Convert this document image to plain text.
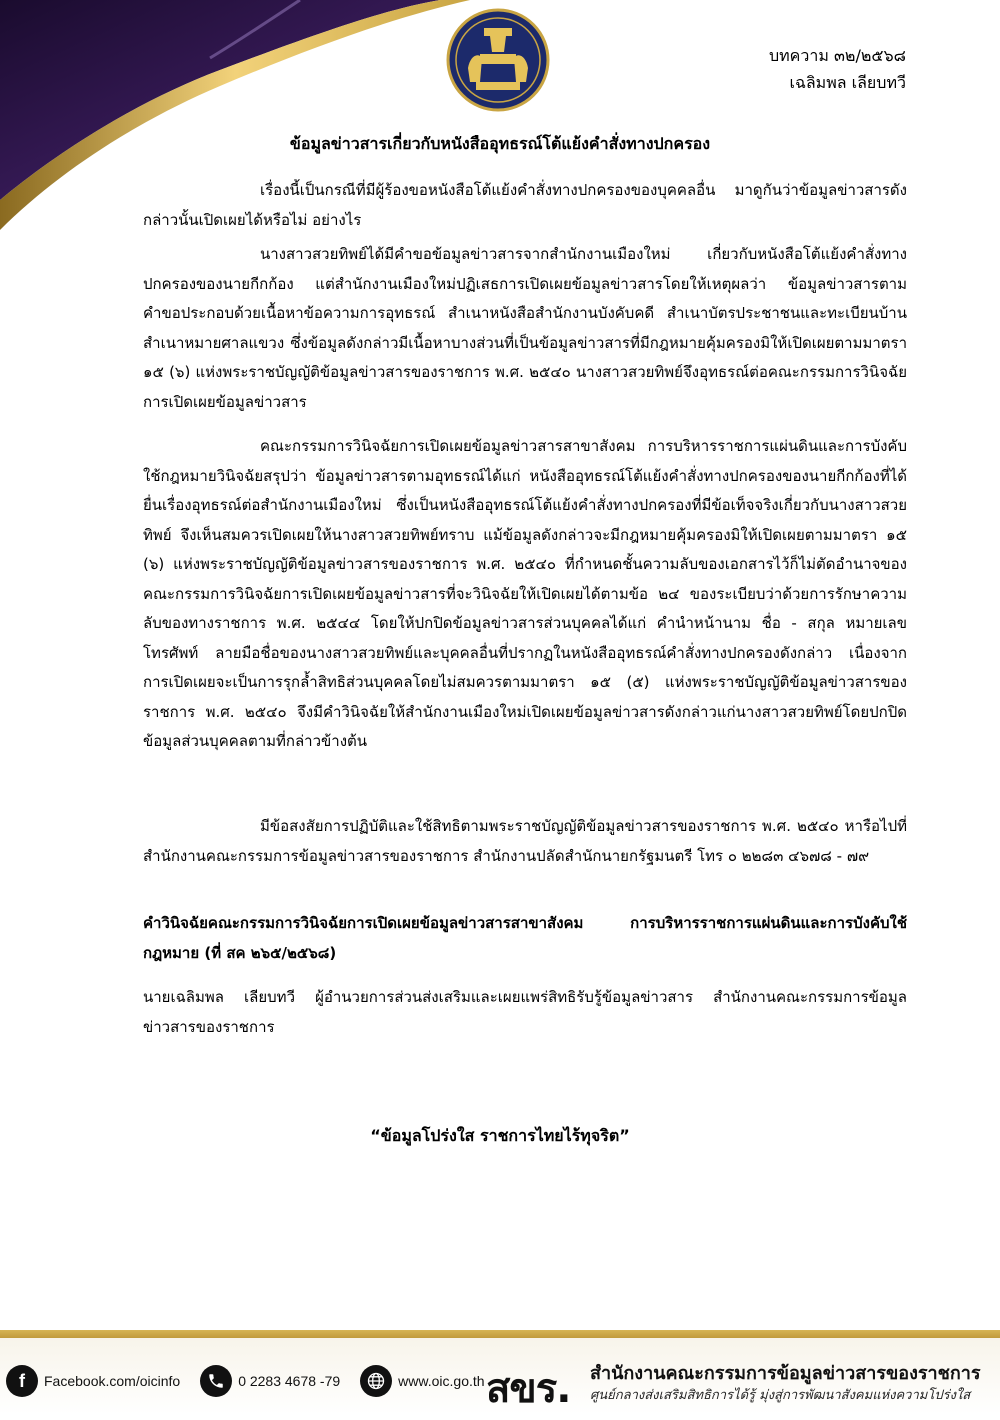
บทความ ๓๒/๒๕๖๘
เฉลิมพล เลียบทวี
ข้อมูลข่าวสารเกี่ยวกับหนังสืออุทธรณ์โต้แย้งคำสั่งทางปกครอง
เรื่องนี้เป็นกรณีที่มีผู้ร้องขอหนังสือโต้แย้งคำสั่งทางปกครองของบุคคลอื่น มาดูกันว่าข้อมูลข่าวสารดังกล่าวนั้นเปิดเผยได้หรือไม่ อย่างไร
นางสาวสวยทิพย์ได้มีคำขอข้อมูลข่าวสารจากสำนักงานเมืองใหม่ เกี่ยวกับหนังสือโต้แย้งคำสั่งทางปกครองของนายกีกก้อง แต่สำนักงานเมืองใหม่ปฏิเสธการเปิดเผยข้อมูลข่าวสารโดยให้เหตุผลว่า ข้อมูลข่าวสารตามคำขอประกอบด้วยเนื้อหาข้อความการอุทธรณ์ สำเนาหนังสือสำนักงานบังคับคดี สำเนาบัตรประชาชนและทะเบียนบ้าน สำเนาหมายศาลแขวง ซึ่งข้อมูลดังกล่าวมีเนื้อหาบางส่วนที่เป็นข้อมูลข่าวสารที่มีกฎหมายคุ้มครองมิให้เปิดเผยตามมาตรา ๑๕ (๖) แห่งพระราชบัญญัติข้อมูลข่าวสารของราชการ พ.ศ. ๒๕๔๐ นางสาวสวยทิพย์จึงอุทธรณ์ต่อคณะกรรมการวินิจฉัยการเปิดเผยข้อมูลข่าวสาร
คณะกรรมการวินิจฉัยการเปิดเผยข้อมูลข่าวสารสาขาสังคม การบริหารราชการแผ่นดินและการบังคับใช้กฎหมายวินิจฉัยสรุปว่า ข้อมูลข่าวสารตามอุทธรณ์ได้แก่ หนังสืออุทธรณ์โต้แย้งคำสั่งทางปกครองของนายกีกก้องที่ได้ยื่นเรื่องอุทธรณ์ต่อสำนักงานเมืองใหม่ ซึ่งเป็นหนังสืออุทธรณ์โต้แย้งคำสั่งทางปกครองที่มีข้อเท็จจริงเกี่ยวกับนางสาวสวยทิพย์ จึงเห็นสมควรเปิดเผยให้นางสาวสวยทิพย์ทราบ แม้ข้อมูลดังกล่าวจะมีกฎหมายคุ้มครองมิให้เปิดเผยตามมาตรา ๑๕ (๖) แห่งพระราชบัญญัติข้อมูลข่าวสารของราชการ พ.ศ. ๒๕๔๐ ที่กำหนดชั้นความลับของเอกสารไว้ก็ไม่ตัดอำนาจของคณะกรรมการวินิจฉัยการเปิดเผยข้อมูลข่าวสารที่จะวินิจฉัยให้เปิดเผยได้ตามข้อ ๒๔ ของระเบียบว่าด้วยการรักษาความลับของทางราชการ พ.ศ. ๒๕๔๔ โดยให้ปกปิดข้อมูลข่าวสารส่วนบุคคลได้แก่ คำนำหน้านาม ชื่อ - สกุล หมายเลขโทรศัพท์ ลายมือชื่อของนางสาวสวยทิพย์และบุคคลอื่นที่ปรากฏในหนังสืออุทธรณ์คำสั่งทางปกครองดังกล่าว เนื่องจากการเปิดเผยจะเป็นการรุกล้ำสิทธิส่วนบุคคลโดยไม่สมควรตามมาตรา ๑๕ (๕) แห่งพระราชบัญญัติข้อมูลข่าวสารของราชการ พ.ศ. ๒๕๔๐ จึงมีคำวินิจฉัยให้สำนักงานเมืองใหม่เปิดเผยข้อมูลข่าวสารดังกล่าวแก่นางสาวสวยทิพย์โดยปกปิดข้อมูลส่วนบุคคลตามที่กล่าวข้างต้น
มีข้อสงสัยการปฏิบัติและใช้สิทธิตามพระราชบัญญัติข้อมูลข่าวสารของราชการ พ.ศ. ๒๕๔๐ หารือไปที่ สำนักงานคณะกรรมการข้อมูลข่าวสารของราชการ สำนักงานปลัดสำนักนายกรัฐมนตรี โทร ๐ ๒๒๘๓ ๔๖๗๘ - ๗๙
คำวินิจฉัยคณะกรรมการวินิจฉัยการเปิดเผยข้อมูลข่าวสารสาขาสังคม การบริหารราชการแผ่นดินและการบังคับใช้กฎหมาย (ที่ สค ๒๖๕/๒๕๖๘)
นายเฉลิมพล เลียบทวี ผู้อำนวยการส่วนส่งเสริมและเผยแพร่สิทธิรับรู้ข้อมูลข่าวสาร สำนักงานคณะกรรมการข้อมูลข่าวสารของราชการ
“ข้อมูลโปร่งใส ราชการไทยไร้ทุจริต”
f	Facebook.com/oicinfo	0 2283 4678 -79	www.oic.go.th สขร. สำนักงานคณะกรรมการข้อมูลข่าวสารของราชการ
ศูนย์กลางส่งเสริมสิทธิการได้รู้ มุ่งสู่การพัฒนาสังคมแห่งความโปร่งใส
